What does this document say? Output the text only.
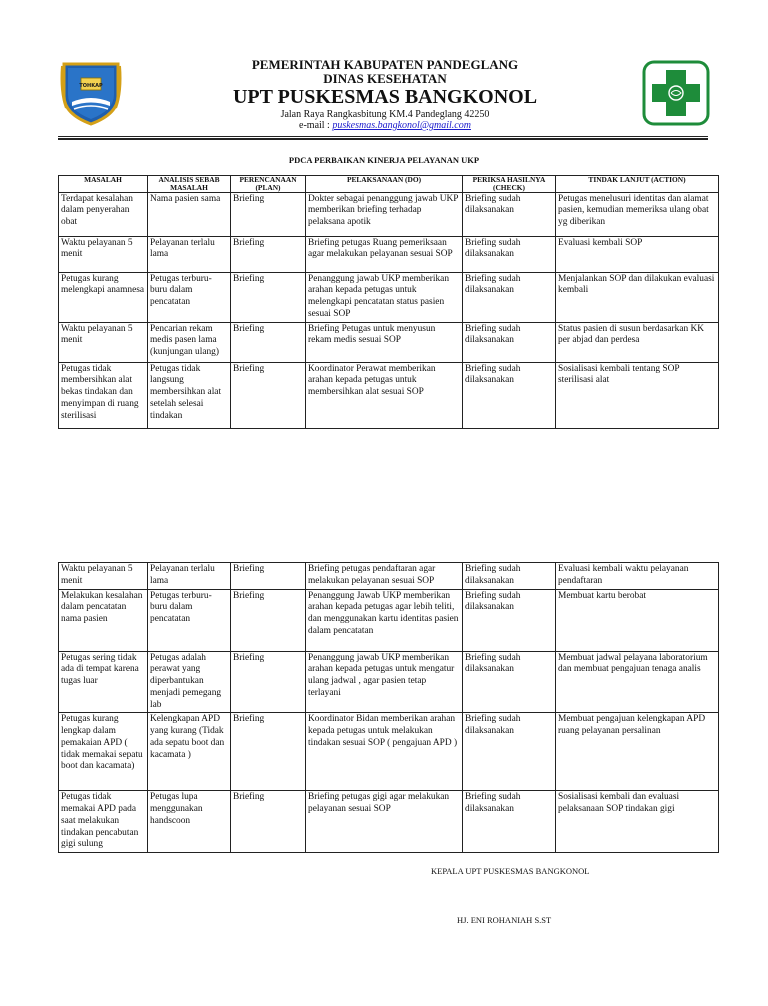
TOHKAP
PEMERINTAH KABUPATEN PANDEGLANG
DINAS KESEHATAN
UPT PUSKESMAS BANGKONOL
Jalan Raya Rangkasbitung KM.4 Pandeglang 42250
e-mail : puskesmas.bangkonol@gmail.com
PDCA PERBAIKAN KINERJA PELAYANAN UKP
MASALAH	ANALISIS SEBAB MASALAH	PERENCANAAN (PLAN)	PELAKSANAAN (DO)	PERIKSA HASILNYA (CHECK)	TINDAK LANJUT (ACTION)
Terdapat kesalahan dalam penyerahan obat	Nama pasien sama	Briefing	Dokter sebagai penanggung jawab UKP memberikan briefing terhadap pelaksana apotik	Briefing sudah dilaksanakan	Petugas menelusuri identitas dan alamat pasien, kemudian memeriksa ulang obat yg diberikan
Waktu pelayanan 5 menit	Pelayanan terlalu lama	Briefing	Briefing petugas Ruang pemeriksaan agar melakukan pelayanan sesuai SOP	Briefing sudah dilaksanakan	Evaluasi kembali SOP
Petugas kurang melengkapi anamnesa	Petugas terburu-buru dalam pencatatan	Briefing	Penanggung jawab UKP memberikan arahan kepada petugas untuk melengkapi pencatatan status pasien sesuai SOP	Briefing sudah dilaksanakan	Menjalankan SOP dan dilakukan evaluasi kembali
Waktu pelayanan 5 menit	Pencarian rekam medis pasen lama (kunjungan ulang)	Briefing	Briefing Petugas untuk menyusun rekam medis sesuai SOP	Briefing sudah dilaksanakan	Status pasien di susun berdasarkan KK per abjad dan perdesa
Petugas tidak membersihkan alat bekas tindakan dan menyimpan di ruang sterilisasi	Petugas tidak langsung membersihkan alat setelah selesai tindakan	Briefing	Koordinator Perawat memberikan arahan kepada petugas untuk membersihkan alat sesuai SOP	Briefing sudah dilaksanakan	Sosialisasi kembali tentang SOP sterilisasi alat
Waktu pelayanan 5 menit	Pelayanan terlalu lama	Briefing	Briefing petugas pendaftaran agar melakukan pelayanan sesuai SOP	Briefing sudah dilaksanakan	Evaluasi kembali waktu pelayanan pendaftaran
Melakukan kesalahan dalam pencatatan nama pasien	Petugas terburu-buru dalam pencatatan	Briefing	Penanggung Jawab UKP memberikan arahan kepada petugas agar lebih teliti, dan menggunakan kartu identitas pasien dalam pencatatan	Briefing sudah dilaksanakan	Membuat kartu berobat
Petugas sering tidak ada di tempat karena tugas luar	Petugas adalah perawat yang diperbantukan menjadi pemegang lab	Briefing	Penanggung jawab UKP memberikan arahan kepada petugas untuk mengatur ulang jadwal , agar pasien tetap terlayani	Briefing sudah dilaksanakan	Membuat jadwal pelayana laboratorium dan membuat pengajuan tenaga analis
Petugas kurang lengkap dalam pemakaian APD ( tidak memakai sepatu boot dan kacamata)	Kelengkapan APD yang kurang (Tidak ada sepatu boot dan kacamata )	Briefing	Koordinator Bidan memberikan arahan kepada petugas untuk melakukan tindakan sesuai SOP ( pengajuan APD )	Briefing sudah dilaksanakan	Membuat pengajuan kelengkapan APD ruang pelayanan persalinan
Petugas tidak memakai APD pada saat melakukan tindakan pencabutan gigi sulung	Petugas lupa menggunakan handscoon	Briefing	Briefing petugas gigi agar melakukan pelayanan sesuai SOP	Briefing sudah dilaksanakan	Sosialisasi kembali dan evaluasi pelaksanaan SOP tindakan gigi
KEPALA UPT PUSKESMAS BANGKONOL
HJ. ENI ROHANIAH S.ST
